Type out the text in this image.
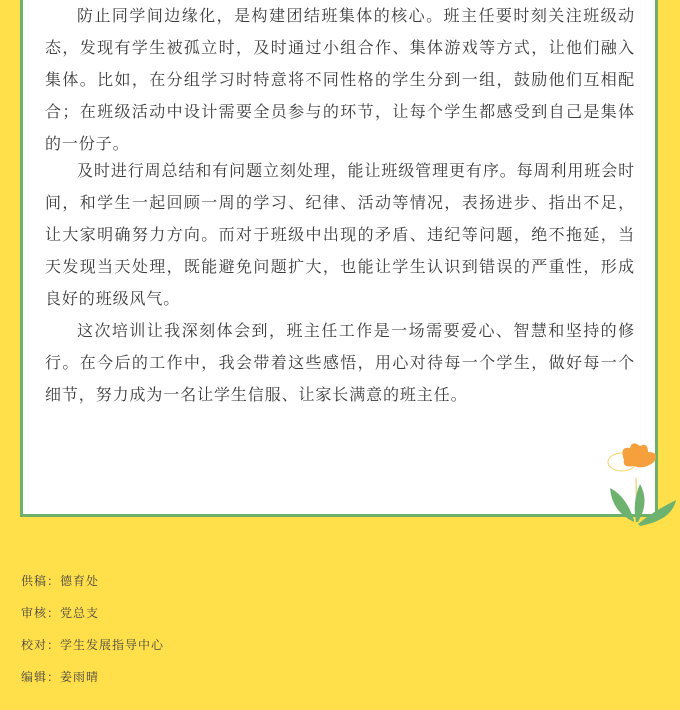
防止同学间边缘化，是构建团结班集体的核心。班主任要时刻关注班级动态，发现有学生被孤立时，及时通过小组合作、集体游戏等方式，让他们融入集体。比如，在分组学习时特意将不同性格的学生分到一组，鼓励他们互相配合；在班级活动中设计需要全员参与的环节，让每个学生都感受到自己是集体的一份子。

及时进行周总结和有问题立刻处理，能让班级管理更有序。每周利用班会时间，和学生一起回顾一周的学习、纪律、活动等情况，表扬进步、指出不足，让大家明确努力方向。而对于班级中出现的矛盾、违纪等问题，绝不拖延，当天发现当天处理，既能避免问题扩大，也能让学生认识到错误的严重性，形成良好的班级风气。

这次培训让我深刻体会到，班主任工作是一场需要爱心、智慧和坚持的修行。在今后的工作中，我会带着这些感悟，用心对待每一个学生，做好每一个细节，努力成为一名让学生信服、让家长满意的班主任。

供稿：德育处
审核：党总支
校对：学生发展指导中心
编辑：姜雨晴
